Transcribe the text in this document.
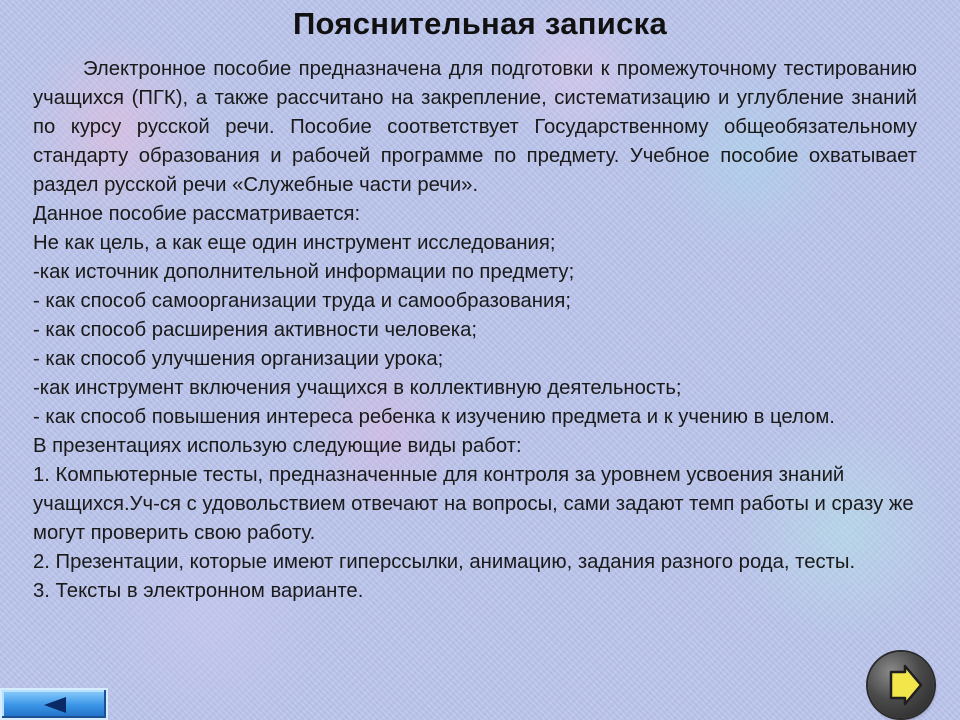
Пояснительная записка

Электронное пособие предназначена для подготовки к промежуточному тестированию учащихся (ПГК), а также рассчитано на закрепление, систематизацию и углубление знаний по курсу русской речи. Пособие соответствует Государственному общеобязательному стандарту образования и рабочей программе по предмету. Учебное пособие охватывает раздел русской речи «Служебные части речи».

Данное пособие рассматривается:

Не как цель, а как еще один инструмент исследования;

-как источник дополнительной информации по предмету;

- как способ самоорганизации труда и самообразования;

- как способ расширения активности человека;

- как способ улучшения организации урока;

-как инструмент включения учащихся в коллективную деятельность;

- как способ повышения интереса ребенка к изучению предмета и к учению в целом.

В презентациях использую следующие виды работ:

1. Компьютерные тесты, предназначенные для контроля за уровнем усвоения знаний учащихся.Уч-ся с удовольствием отвечают на вопросы, сами задают темп работы и сразу же могут проверить свою работу.

2. Презентации, которые имеют гиперссылки, анимацию, задания разного рода, тесты.

3. Тексты в электронном варианте.
